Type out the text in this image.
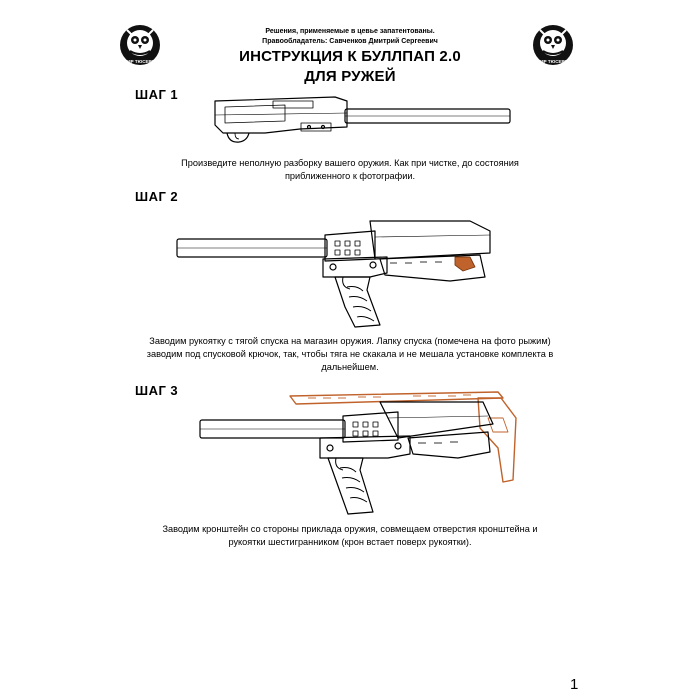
БИР ТЮСЕРЫ	БИР ТЮСЕРЫ
Решения, применяемые в цевье запатентованы.
Правообладатель: Савченков Дмитрий Сергеевич
ИНСТРУКЦИЯ К БУЛЛПАП 2.0
ДЛЯ РУЖЕЙ
ШАГ 1
Произведите неполную разборку вашего оружия. Как при чистке, до состояния
приближенного к фотографии.
ШАГ 2
Заводим рукоятку с тягой спуска на магазин оружия. Лапку спуска (помечена на фото рыжим)
заводим под спусковой крючок, так, чтобы тяга не скакала и не мешала установке комплекта в
дальнейшем.
ШАГ 3
Заводим кронштейн со стороны приклада оружия, совмещаем отверстия кронштейна и
рукоятки шестигранником (крон встает поверх рукоятки).
1
